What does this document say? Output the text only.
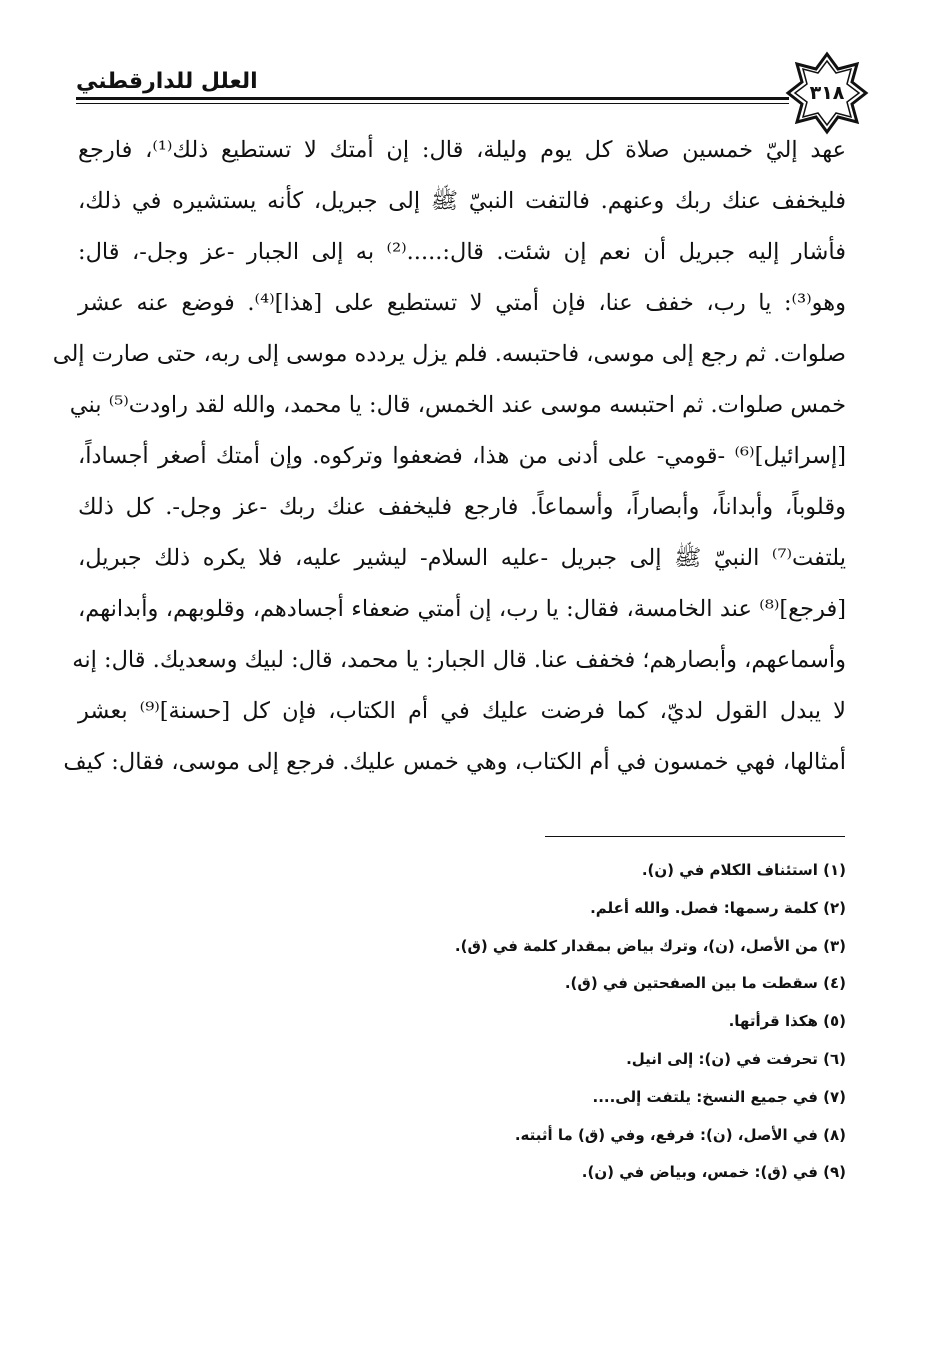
العلل للدارقطني	٣١٨
عهد إليّ خمسين صلاة كل يوم وليلة، قال: إن أمتك لا تستطيع ذلك⁽¹⁾، فارجع
فليخفف عنك ربك وعنهم. فالتفت النبيّ ﷺ إلى جبريل، كأنه يستشيره في ذلك،
فأشار إليه جبريل أن نعم إن شئت. قال:.....⁽²⁾ به إلى الجبار -عز وجل-، قال:
وهو⁽³⁾: يا رب، خفف عنا، فإن أمتي لا تستطيع على [هذا]⁽⁴⁾. فوضع عنه عشر
صلوات. ثم رجع إلى موسى، فاحتبسه. فلم يزل يردده موسى إلى ربه، حتى صارت إلى
خمس صلوات. ثم احتبسه موسى عند الخمس، قال: يا محمد، والله لقد راودت⁽⁵⁾ بني
[إسرائيل]⁽⁶⁾ -قومي- على أدنى من هذا، فضعفوا وتركوه. وإن أمتك أصغر أجساداً،
وقلوباً، وأبداناً، وأبصاراً، وأسماعاً. فارجع فليخفف عنك ربك -عز وجل-. كل ذلك
يلتفت⁽⁷⁾ النبيّ ﷺ إلى جبريل -عليه السلام- ليشير عليه، فلا يكره ذلك جبريل،
[فرجع]⁽⁸⁾ عند الخامسة، فقال: يا رب، إن أمتي ضعفاء أجسادهم، وقلوبهم، وأبدانهم،
وأسماعهم، وأبصارهم؛ فخفف عنا. قال الجبار: يا محمد، قال: لبيك وسعديك. قال: إنه
لا يبدل القول لديّ، كما فرضت عليك في أم الكتاب، فإن كل [حسنة]⁽⁹⁾ بعشر
أمثالها، فهي خمسون في أم الكتاب، وهي خمس عليك. فرجع إلى موسى، فقال: كيف
(١) استئناف الكلام في (ن).
(٢) كلمة رسمها: فصل. والله أعلم.
(٣) من الأصل، (ن)، وترك بياض بمقدار كلمة في (ق).
(٤) سقطت ما بين الصفحتين في (ق).
(٥) هكذا قرأتها.
(٦) تحرفت في (ن): إلى انيل.
(٧) في جميع النسخ: يلتفت إلى....
(٨) في الأصل، (ن): فرفع، وفي (ق) ما أثبته.
(٩) في (ق): خمس، وبياض في (ن).
